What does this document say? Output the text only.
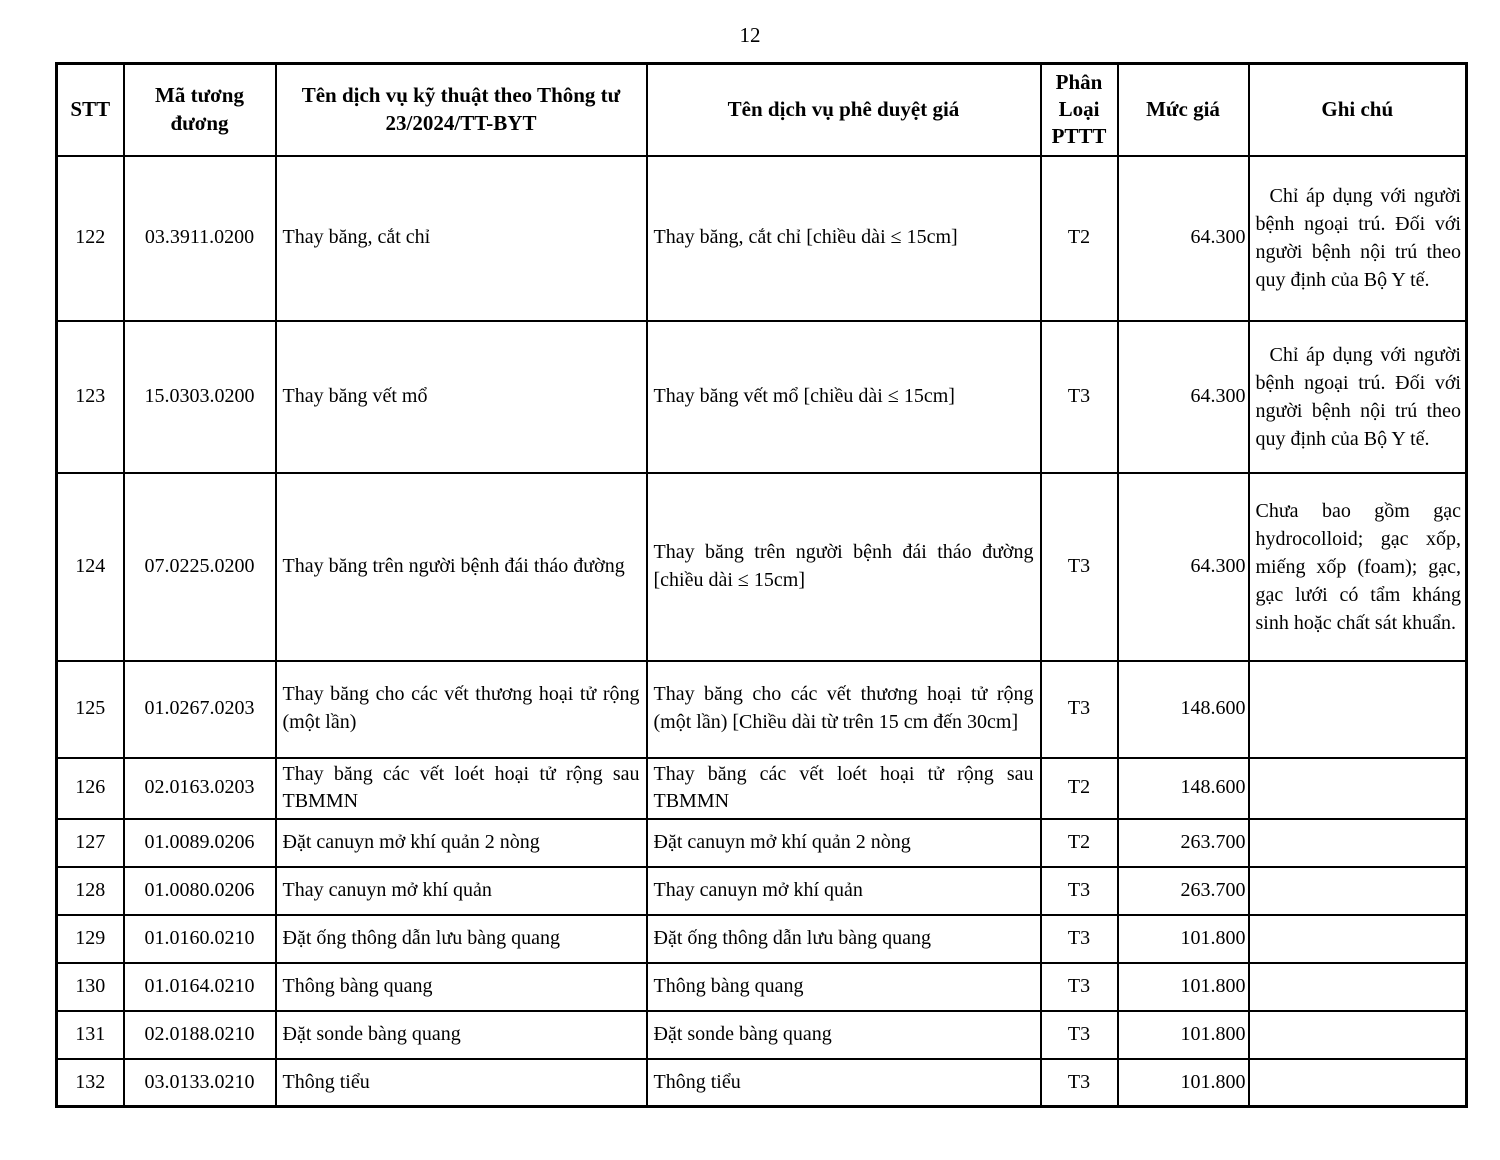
12
STT	Mã tương đương	Tên dịch vụ kỹ thuật theo Thông tư 23/2024/TT-BYT	Tên dịch vụ phê duyệt giá	Phân Loại PTTT	Mức giá	Ghi chú
122	03.3911.0200	Thay băng, cắt chỉ	Thay băng, cắt chỉ [chiều dài ≤ 15cm]	T2	64.300	Chỉ áp dụng với người bệnh ngoại trú. Đối với người bệnh nội trú theo quy định của Bộ Y tế.
123	15.0303.0200	Thay băng vết mổ	Thay băng vết mổ [chiều dài ≤ 15cm]	T3	64.300	Chỉ áp dụng với người bệnh ngoại trú. Đối với người bệnh nội trú theo quy định của Bộ Y tế.
124	07.0225.0200	Thay băng trên người bệnh đái tháo đường	Thay băng trên người bệnh đái tháo đường [chiều dài ≤ 15cm]	T3	64.300	Chưa bao gồm gạc hydrocolloid; gạc xốp, miếng xốp (foam); gạc, gạc lưới có tẩm kháng sinh hoặc chất sát khuẩn.
125	01.0267.0203	Thay băng cho các vết thương hoại tử rộng (một lần)	Thay băng cho các vết thương hoại tử rộng (một lần) [Chiều dài từ trên 15 cm đến 30cm]	T3	148.600	
126	02.0163.0203	Thay băng các vết loét hoại tử rộng sau TBMMN	Thay băng các vết loét hoại tử rộng sau TBMMN	T2	148.600	
127	01.0089.0206	Đặt canuyn mở khí quản 2 nòng	Đặt canuyn mở khí quản 2 nòng	T2	263.700	
128	01.0080.0206	Thay canuyn mở khí quản	Thay canuyn mở khí quản	T3	263.700	
129	01.0160.0210	Đặt ống thông dẫn lưu bàng quang	Đặt ống thông dẫn lưu bàng quang	T3	101.800	
130	01.0164.0210	Thông bàng quang	Thông bàng quang	T3	101.800	
131	02.0188.0210	Đặt sonde bàng quang	Đặt sonde bàng quang	T3	101.800	
132	03.0133.0210	Thông tiểu	Thông tiểu	T3	101.800	
